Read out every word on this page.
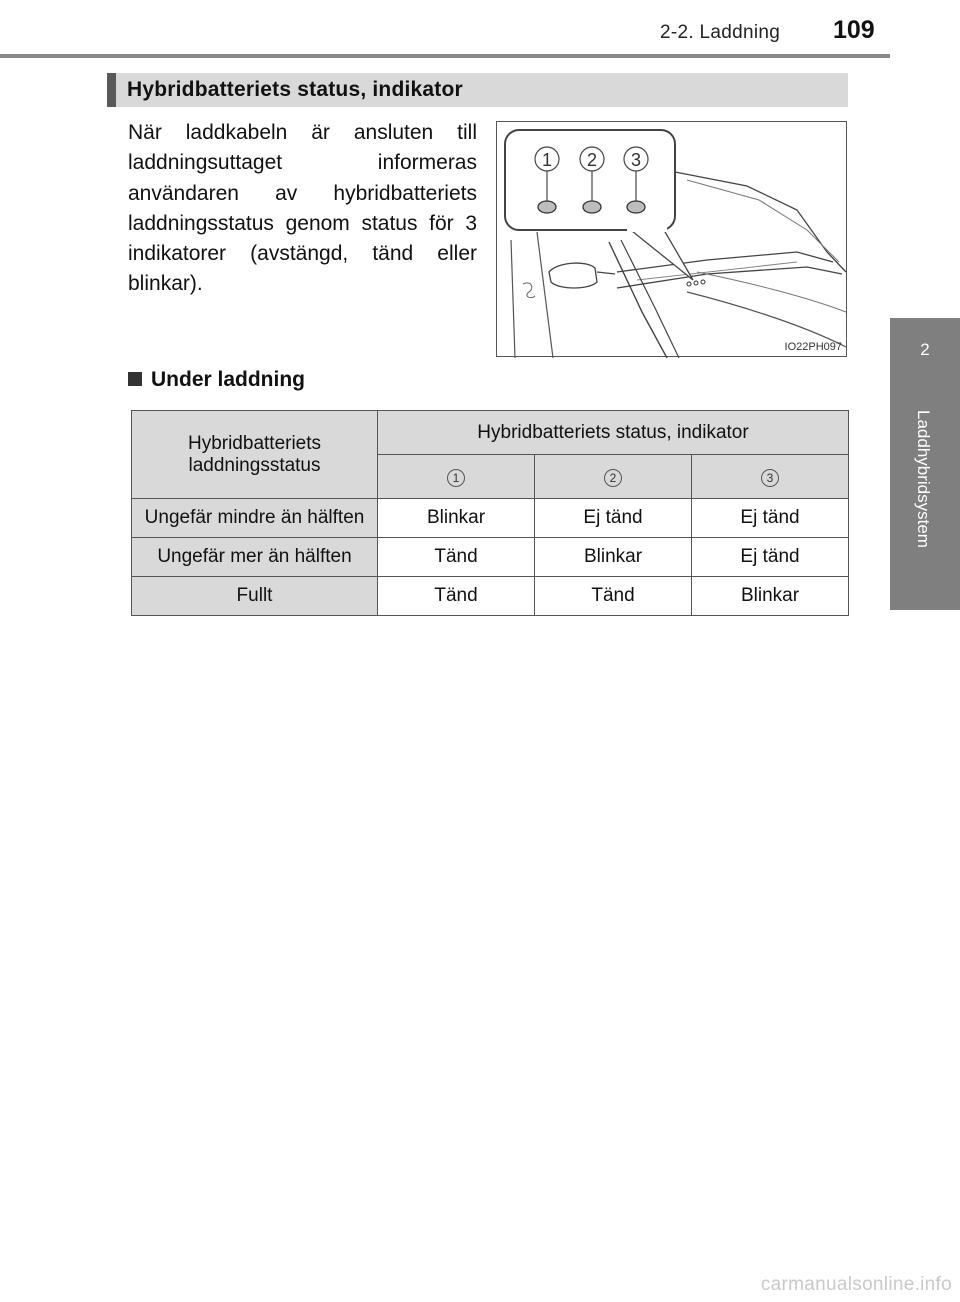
2-2. Laddning 109
2
Laddhybridsystem
Hybridbatteriets status, indikator
När laddkabeln är ansluten till laddningsuttaget informeras användaren av hybridbatteriets laddningsstatus genom status för 3 indikatorer (avstängd, tänd eller blinkar).
1 2 3
IO22PH097
Under laddning
Hybridbatteriets laddningsstatus	Hybridbatteriets status, indikator		
	1	2	3
Ungefär mindre än hälften	Blinkar	Ej tänd	Ej tänd
Ungefär mer än hälften	Tänd	Blinkar	Ej tänd
Fullt	Tänd	Tänd	Blinkar
carmanualsonline.info
